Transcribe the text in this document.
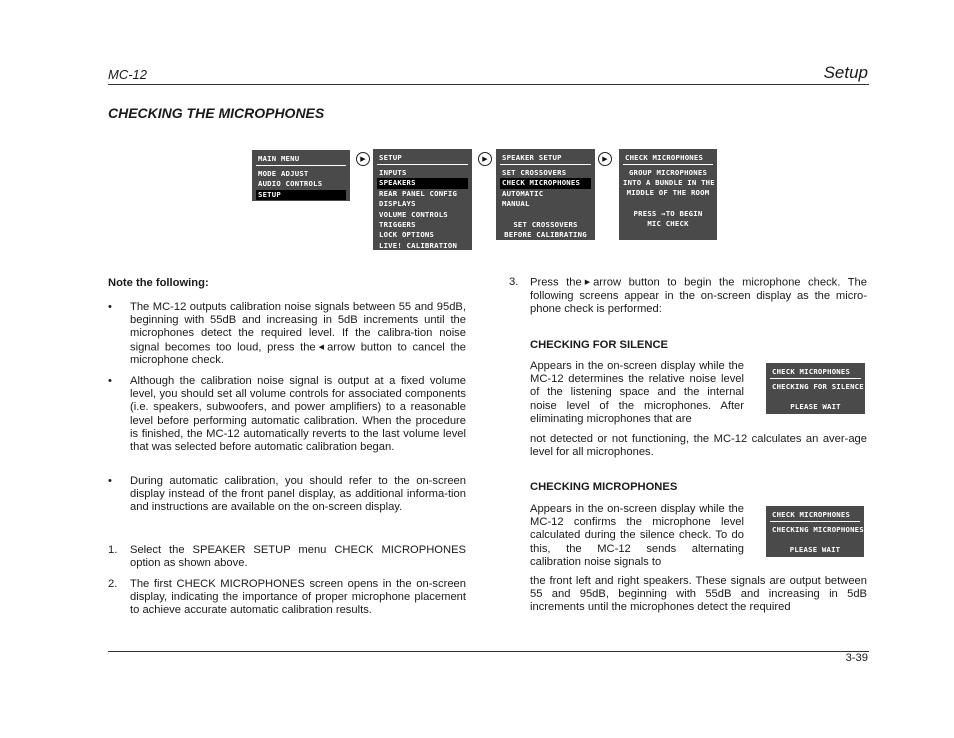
MC-12	Setup
CHECKING THE MICROPHONES
MAIN MENU
MODE ADJUST
AUDIO CONTROLS
SETUP
▶ SETUP
INPUTS
SPEAKERS
REAR PANEL CONFIG
DISPLAYS
VOLUME CONTROLS
TRIGGERS
LOCK OPTIONS
LIVE! CALIBRATION
▶ SPEAKER SETUP
SET CROSSOVERS
CHECK MICROPHONES
AUTOMATIC
MANUAL
SET CROSSOVERS
BEFORE CALIBRATING
▶ CHECK MICROPHONES
GROUP MICROPHONES
INTO A BUNDLE IN THE
MIDDLE OF THE ROOM
PRESS →TO BEGIN
MIC CHECK
Note the following:
• The MC-12 outputs calibration noise signals between 55 and 95dB, beginning with 55dB and increasing in 5dB increments until the microphones detect the required level. If the calibra-tion noise signal becomes too loud, press the ◀ arrow button to cancel the microphone check.
• Although the calibration noise signal is output at a fixed volume level, you should set all volume controls for associated components (i.e. speakers, subwoofers, and power amplifiers) to a reasonable level before performing automatic calibration. When the procedure is finished, the MC-12 automatically reverts to the last volume level that was selected before automatic calibration began.
• During automatic calibration, you should refer to the on-screen display instead of the front panel display, as additional informa-tion and instructions are available on the on-screen display.
1. Select the SPEAKER SETUP menu CHECK MICROPHONES option as shown above.
2. The first CHECK MICROPHONES screen opens in the on-screen display, indicating the importance of proper microphone placement to achieve accurate automatic calibration results.
3. Press the ▶ arrow button to begin the microphone check. The following screens appear in the on-screen display as the micro-phone check is performed:
CHECKING FOR SILENCE
Appears in the on-screen display while the MC-12 determines the relative noise level of the listening space and the internal noise level of the microphones. After eliminating microphones that are
not detected or not functioning, the MC-12 calculates an aver-age level for all microphones.
CHECK MICROPHONES
CHECKING FOR SILENCE
PLEASE WAIT
CHECKING MICROPHONES
Appears in the on-screen display while the MC-12 confirms the microphone level calculated during the silence check. To do this, the MC-12 sends alternating calibration noise signals to
the front left and right speakers. These signals are output between 55 and 95dB, beginning with 55dB and increasing in 5dB increments until the microphones detect the required
CHECK MICROPHONES
CHECKING MICROPHONES
PLEASE WAIT
3-39
